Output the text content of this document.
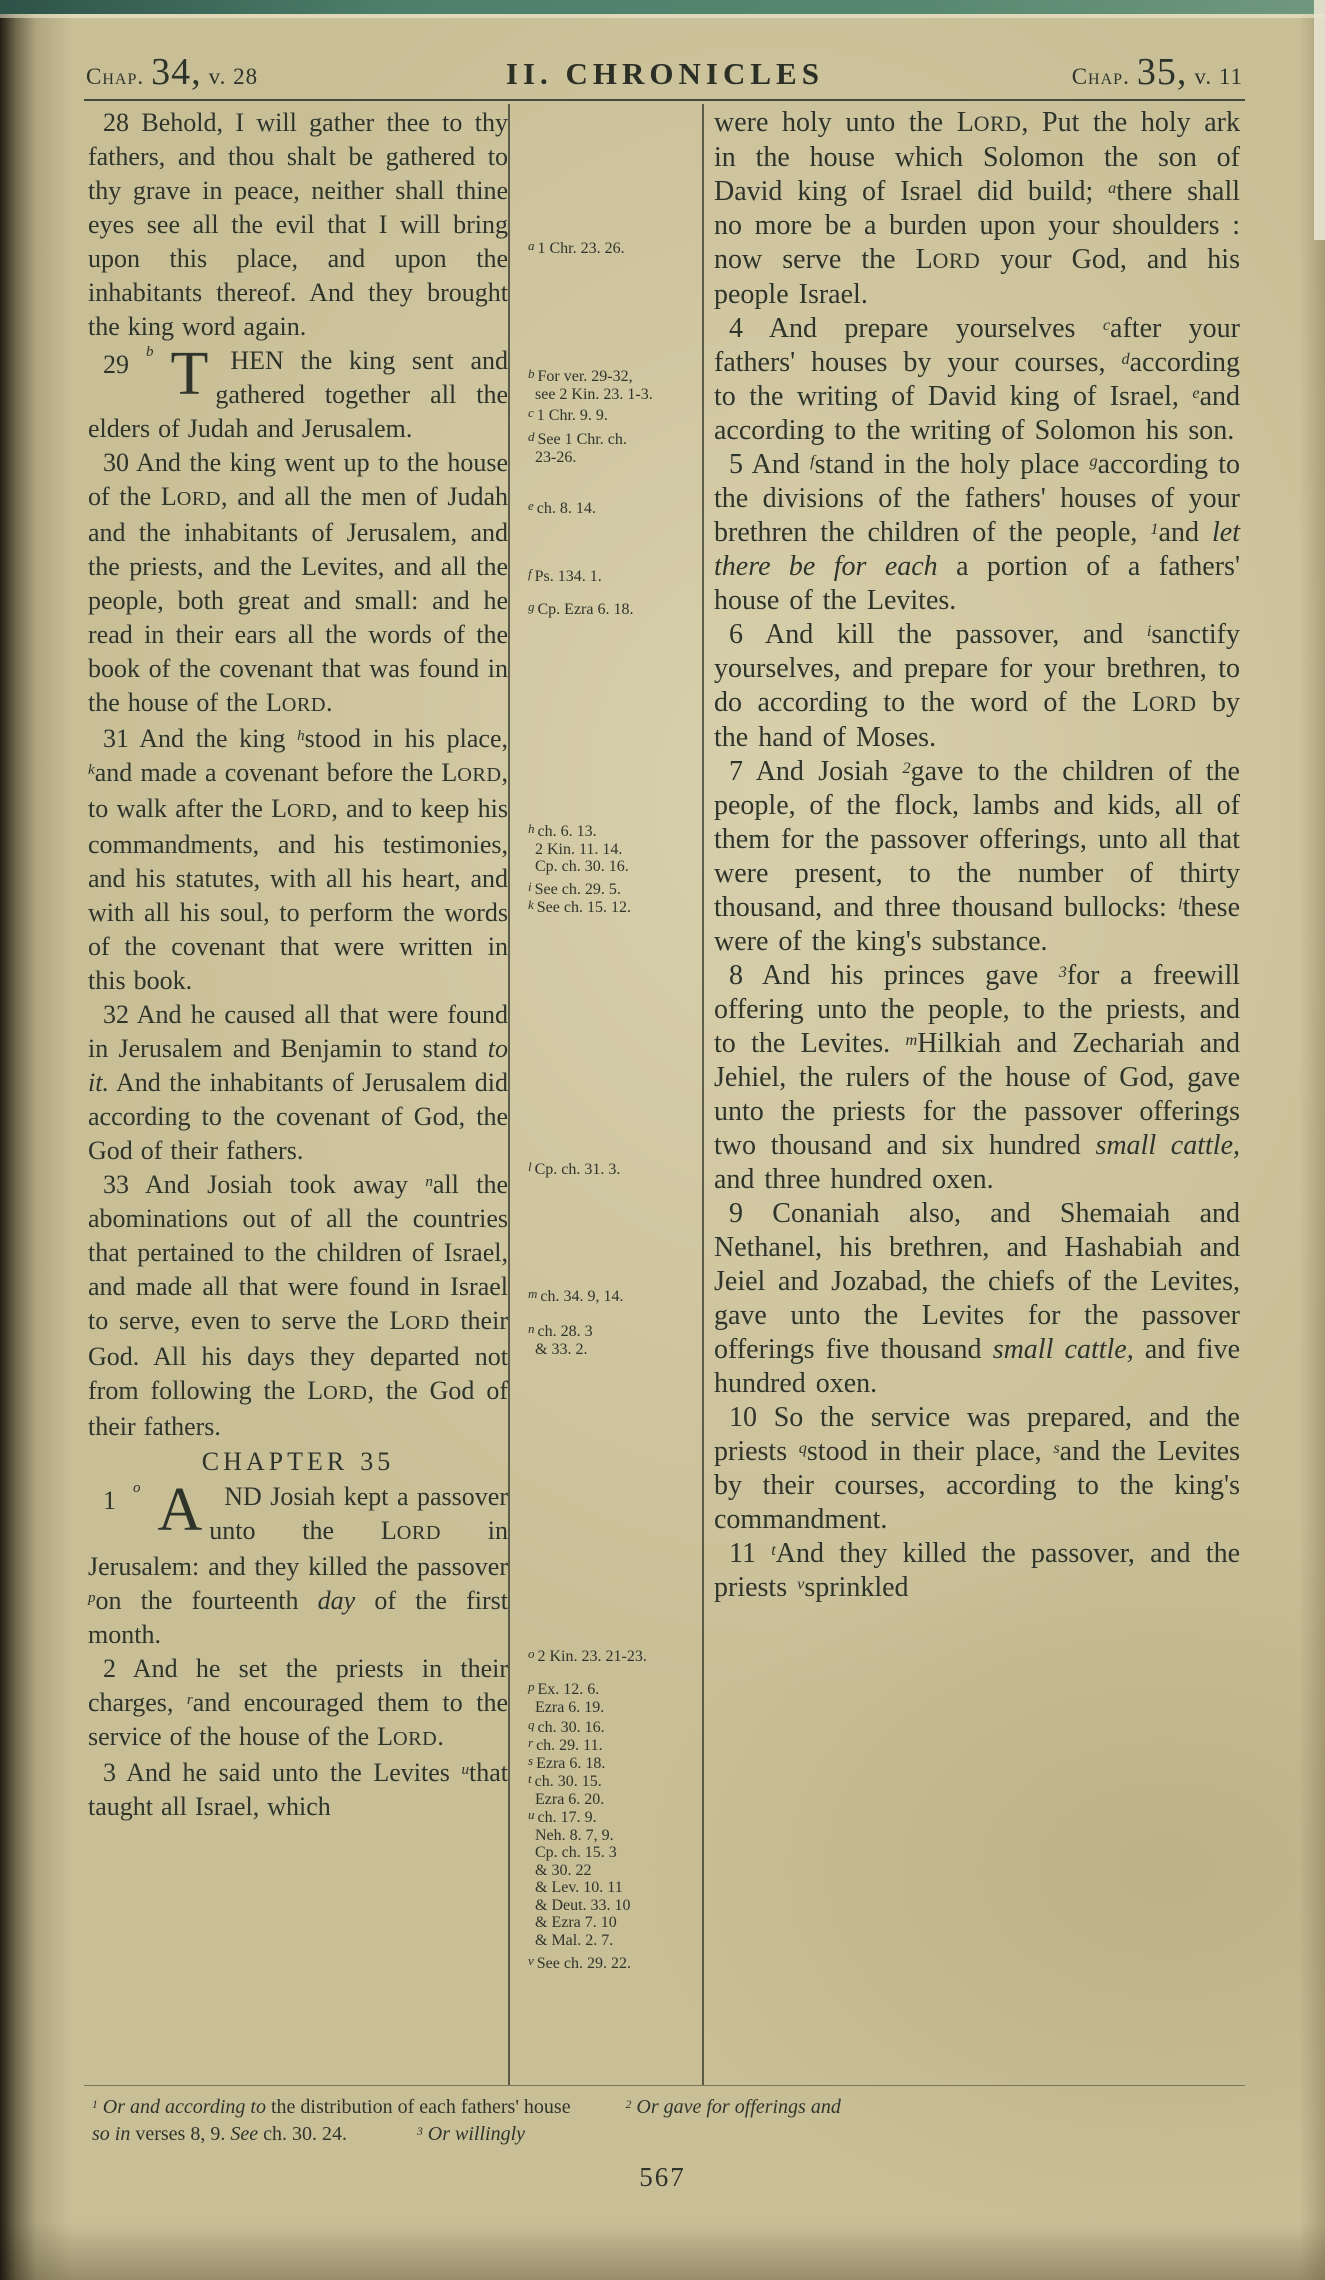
Chap. 34, v. 28	II. CHRONICLES	Chap. 35, v. 11

28 Behold, I will gather thee to thy fathers, and thou shalt be gathered to thy grave in peace, neither shall thine eyes see all the evil that I will bring upon this place, and upon the inhabitants thereof. And they brought the king word again.

29	b T HEN the king sent and gathered together all the elders of Judah and Jerusalem.

30 And the king went up to the house of the LORD, and all the men of Judah and the inhabitants of Jerusalem, and the priests, and the Levites, and all the people, both great and small: and he read in their ears all the words of the book of the covenant that was found in the house of the LORD.

31 And the king $^h$stood in his place, $^k$and made a covenant before the LORD, to walk after the LORD, and to keep his commandments, and his testimonies, and his statutes, with all his heart, and with all his soul, to perform the words of the covenant that were written in this book.

32 And he caused all that were found in Jerusalem and Benjamin to stand to it. And the inhabitants of Jerusalem did according to the covenant of God, the God of their fathers.

33 And Josiah took away $^n$all the abominations out of all the countries that pertained to the children of Israel, and made all that were found in Israel to serve, even to serve the LORD their God. All his days they departed not from following the LORD, the God of their fathers.

CHAPTER 35

1	o A ND Josiah kept a passover unto the LORD in Jerusalem: and they killed the passover $^p$on the fourteenth day of the first month.

2 And he set the priests in their charges, $^r$and encouraged them to the service of the house of the LORD.

3 And he said unto the Levites $^u$that taught all Israel, which

a 1 Chr. 23. 26.
b For ver. 29-32,
see 2 Kin. 23. 1-3.
c 1 Chr. 9. 9.
d See 1 Chr. ch.
23-26.
e ch. 8. 14.
f Ps. 134. 1.
g Cp. Ezra 6. 18.
h ch. 6. 13.
2 Kin. 11. 14.
Cp. ch. 30. 16.
i See ch. 29. 5.
k See ch. 15. 12.
l Cp. ch. 31. 3.
m ch. 34. 9, 14.
n ch. 28. 3
& 33. 2.
o 2 Kin. 23. 21-23.
p Ex. 12. 6.
Ezra 6. 19.
q ch. 30. 16.
r ch. 29. 11.
s Ezra 6. 18.
t ch. 30. 15.
Ezra 6. 20.
u ch. 17. 9.
Neh. 8. 7, 9.
Cp. ch. 15. 3
& 30. 22
& Lev. 10. 11
& Deut. 33. 10
& Ezra 7. 10
& Mal. 2. 7.
v See ch. 29. 22.

were holy unto the LORD, Put the holy ark in the house which Solomon the son of David king of Israel did build; $^a$there shall no more be a burden upon your shoulders : now serve the LORD your God, and his people Israel.

4 And prepare yourselves $^c$after your fathers' houses by your courses, $^d$according to the writing of David king of Israel, $^e$and according to the writing of Solomon his son.

5 And $^f$stand in the holy place $^g$according to the divisions of the fathers' houses of your brethren the children of the people, $^1$and let there be for each a portion of a fathers' house of the Levites.

6 And kill the passover, and $^i$sanctify yourselves, and prepare for your brethren, to do according to the word of the LORD by the hand of Moses.

7 And Josiah $^2$gave to the children of the people, of the flock, lambs and kids, all of them for the passover offerings, unto all that were present, to the number of thirty thousand, and three thousand bullocks: $^l$these were of the king's substance.

8 And his princes gave $^3$for a freewill offering unto the people, to the priests, and to the Levites. $^m$Hilkiah and Zechariah and Jehiel, the rulers of the house of God, gave unto the priests for the passover offerings two thousand and six hundred small cattle, and three hundred oxen.

9 Conaniah also, and Shemaiah and Nethanel, his brethren, and Hashabiah and Jeiel and Jozabad, the chiefs of the Levites, gave unto the Levites for the passover offerings five thousand small cattle, and five hundred oxen.

10 So the service was prepared, and the priests $^q$stood in their place, $^s$and the Levites by their courses, according to the king's commandment.

11 $^t$And they killed the passover, and the priests $^v$sprinkled

$^1$ Or and according to the distribution of each fathers' house	$^2$ Or gave for offerings and
so in verses 8, 9. See ch. 30. 24.	$^3$ Or willingly
567
